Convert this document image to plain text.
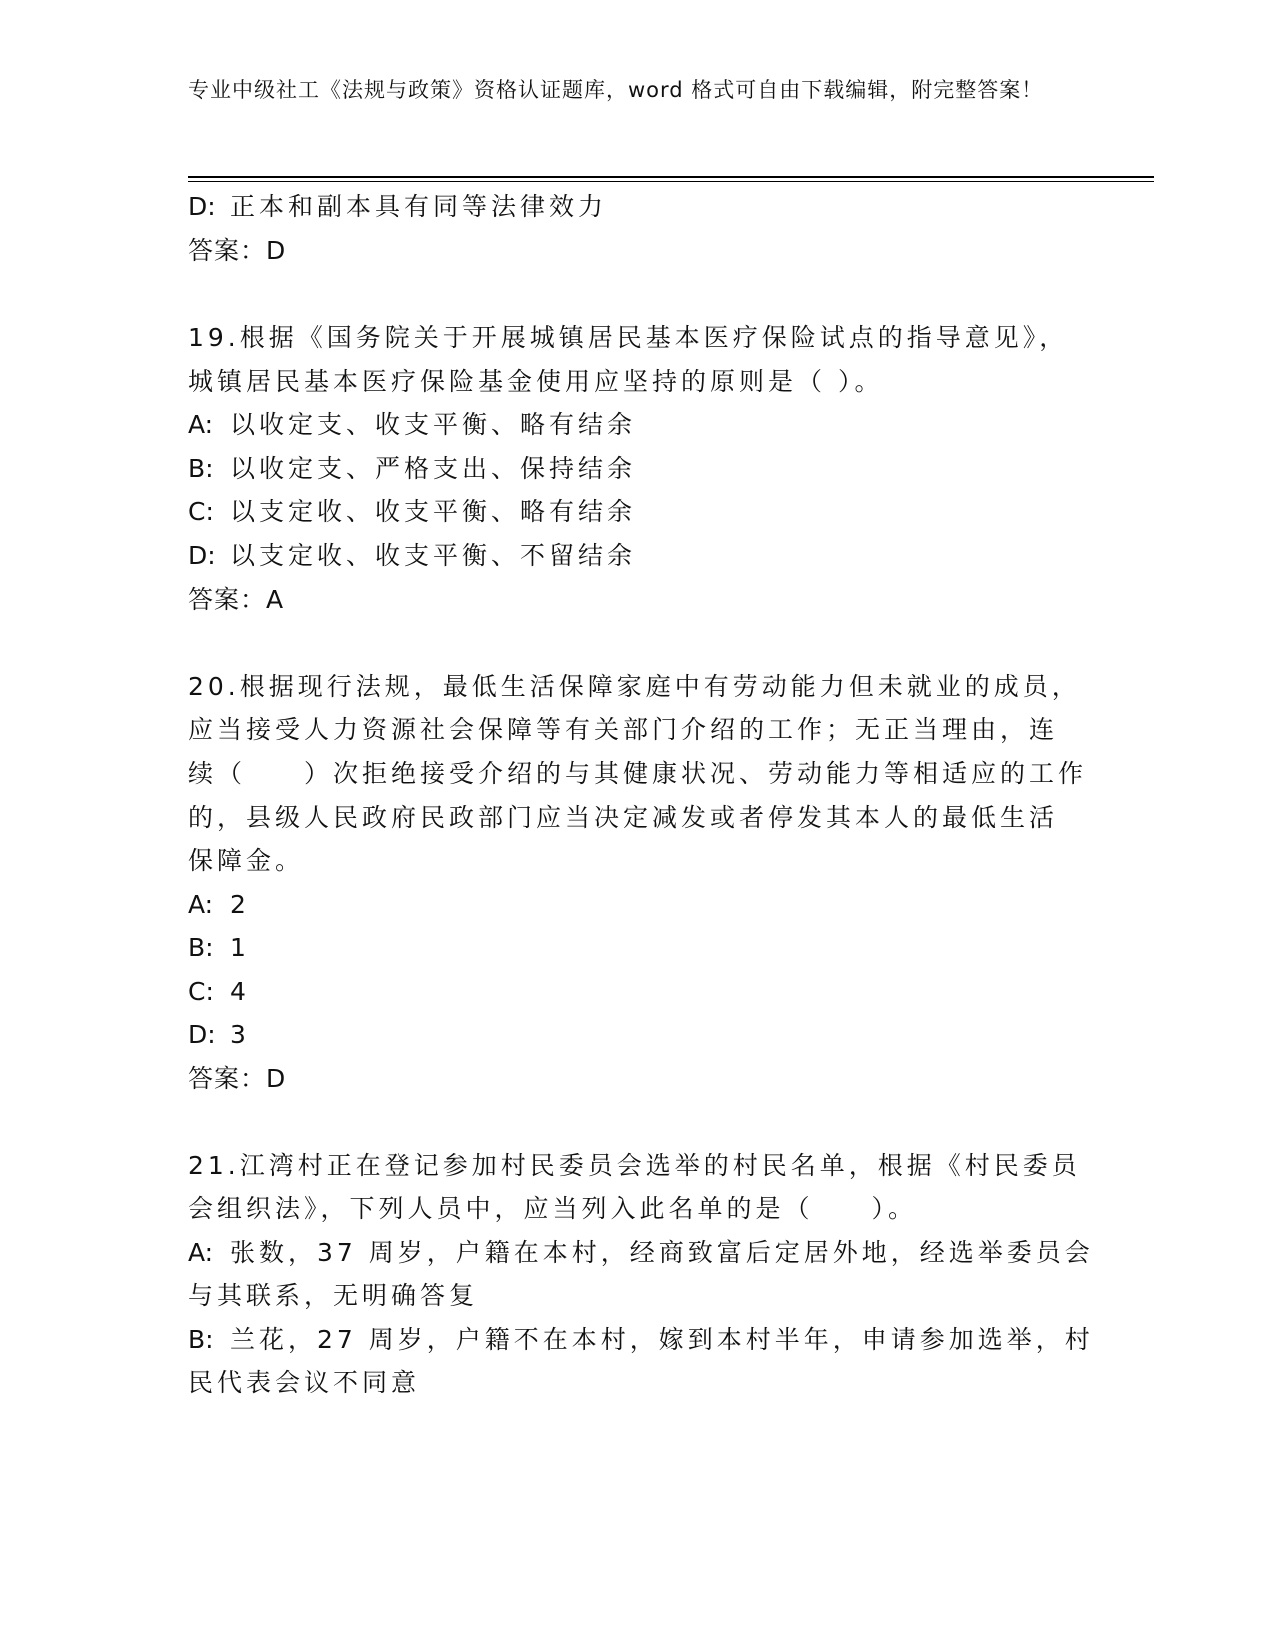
专业中级社工《法规与政策》资格认证题库，word 格式可自由下载编辑，附完整答案！
D: 正本和副本具有同等法律效力
答案：D
19.根据《国务院关于开展城镇居民基本医疗保险试点的指导意见》，
城镇居民基本医疗保险基金使用应坚持的原则是（ ）。
A: 以收定支、收支平衡、略有结余
B: 以收定支、严格支出、保持结余
C: 以支定收、收支平衡、略有结余
D: 以支定收、收支平衡、不留结余
答案：A
20.根据现行法规，最低生活保障家庭中有劳动能力但未就业的成员，
应当接受人力资源社会保障等有关部门介绍的工作；无正当理由，连
续（　　）次拒绝接受介绍的与其健康状况、劳动能力等相适应的工作
的，县级人民政府民政部门应当决定减发或者停发其本人的最低生活
保障金。
A: 2
B: 1
C: 4
D: 3
答案：D
21.江湾村正在登记参加村民委员会选举的村民名单，根据《村民委员
会组织法》，下列人员中，应当列入此名单的是（　　）。
A: 张数，37 周岁，户籍在本村，经商致富后定居外地，经选举委员会
与其联系，无明确答复
B: 兰花，27 周岁，户籍不在本村，嫁到本村半年，申请参加选举，村
民代表会议不同意
